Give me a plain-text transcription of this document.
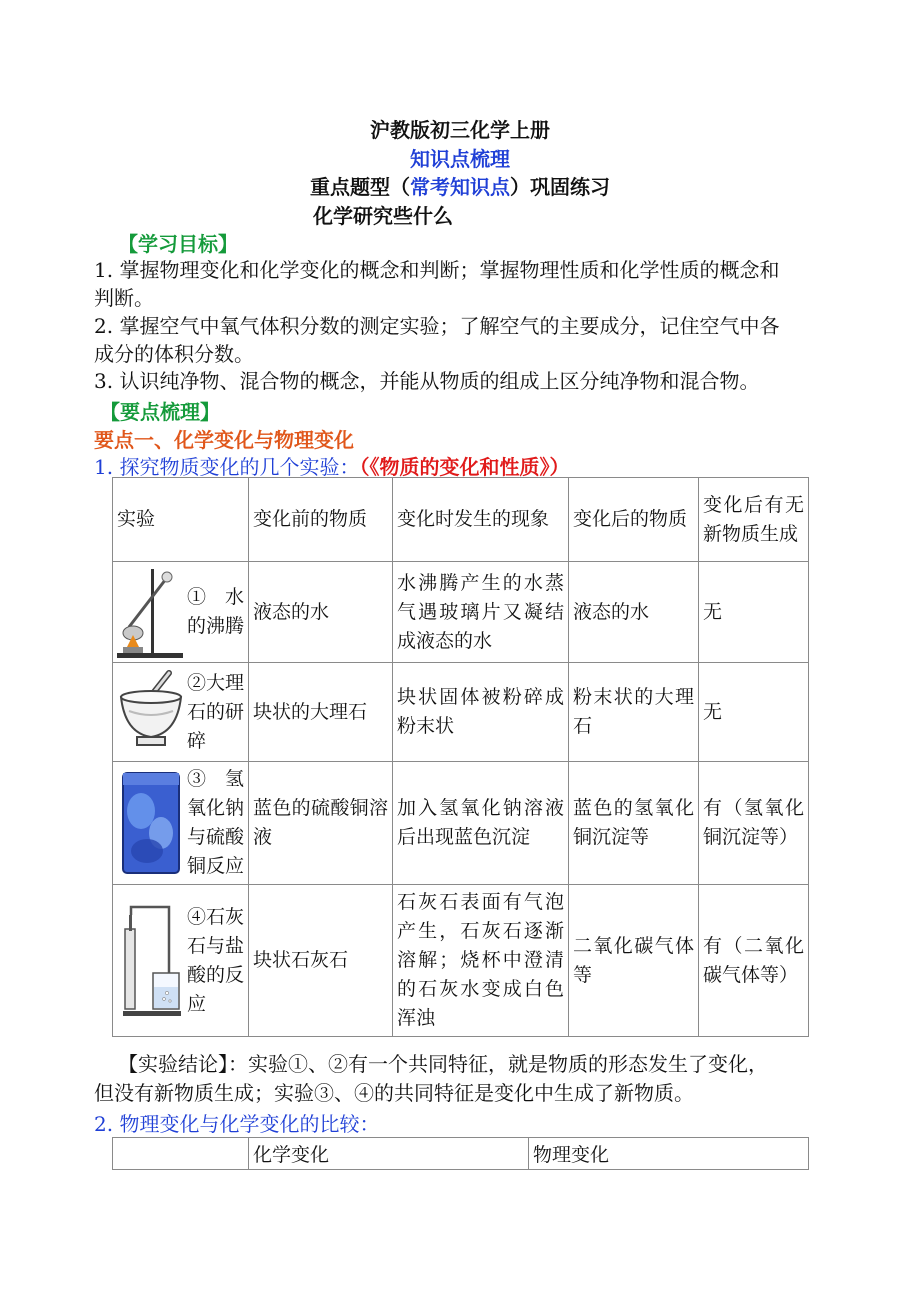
沪教版初三化学上册
知识点梳理
重点题型（常考知识点）巩固练习
化学研究些什么
【学习目标】
1. 掌握物理变化和化学变化的概念和判断；掌握物理性质和化学性质的概念和
判断。
2. 掌握空气中氧气体积分数的测定实验；了解空气的主要成分，记住空气中各
成分的体积分数。
3. 认识纯净物、混合物的概念，并能从物质的组成上区分纯净物和混合物。
【要点梳理】
要点一、化学变化与物理变化
1. 探究物质变化的几个实验：（《物质的变化和性质》）
实验	变化前的物质	变化时发生的现象	变化后的物质	变化后有无新物质生成

① 水的沸腾	液态的水	水沸腾产生的水蒸气遇玻璃片又凝结成液态的水	液态的水	无

②大理石的研碎	块状的大理石	块状固体被粉碎成粉末状	粉末状的大理石	无

③ 氢氧化钠与硫酸铜反应	蓝色的硫酸铜溶液	加入氢氧化钠溶液后出现蓝色沉淀	蓝色的氢氧化铜沉淀等	有（氢氧化铜沉淀等）

④石灰石与盐酸的反应	块状石灰石	石灰石表面有气泡产生，石灰石逐渐溶解；烧杯中澄清的石灰水变成白色浑浊	二氧化碳气体等	有（二氧化碳气体等）
【实验结论】：实验①、②有一个共同特征，就是物质的形态发生了变化，
但没有新物质生成；实验③、④的共同特征是变化中生成了新物质。
2. 物理变化与化学变化的比较：
	化学变化	物理变化
